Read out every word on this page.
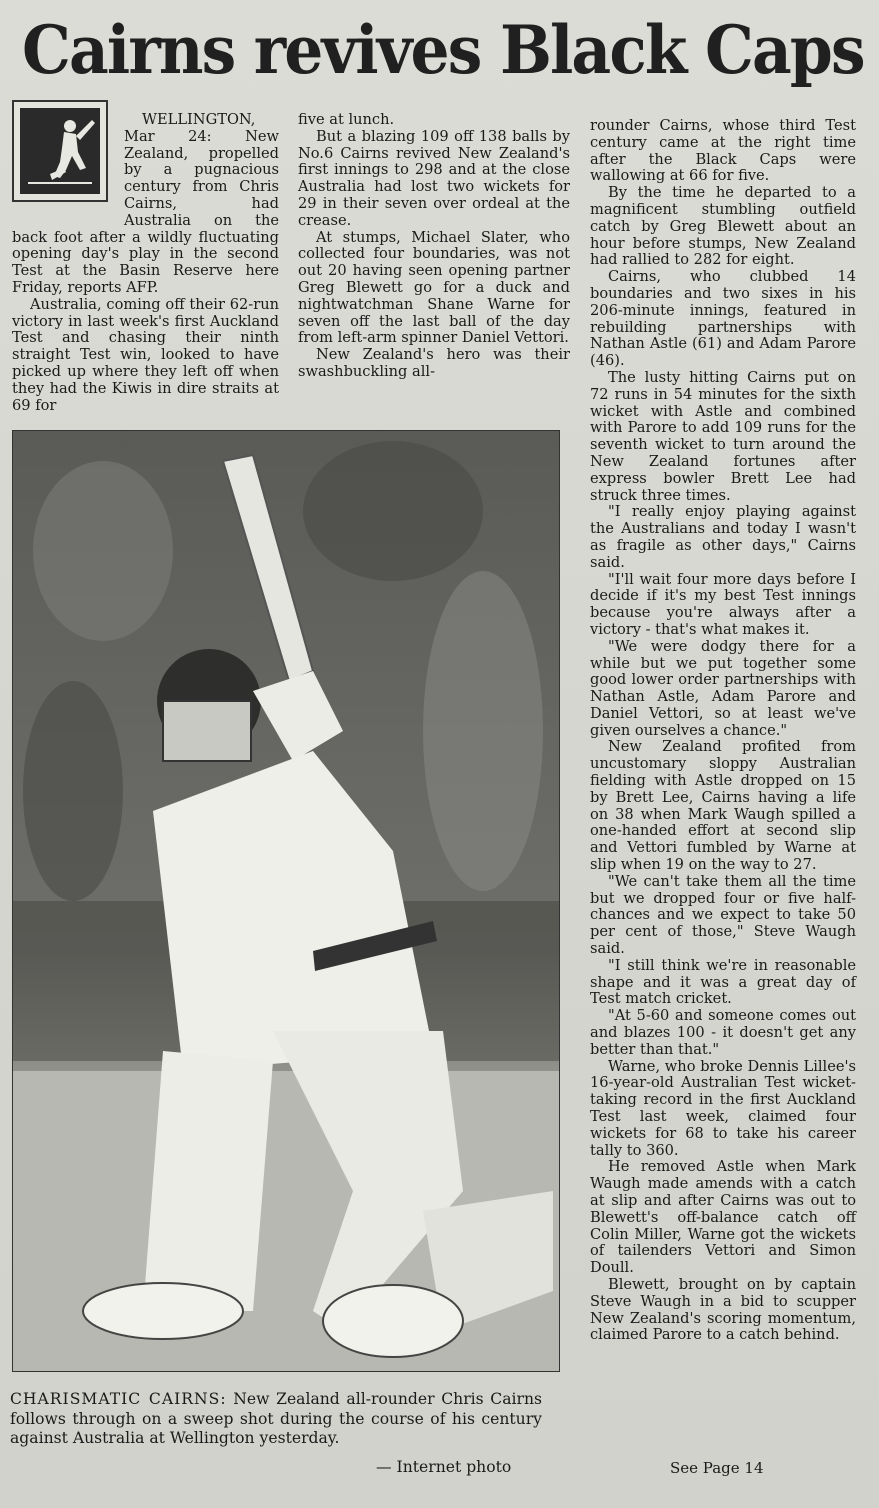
Cairns revives Black Caps

WELLINGTON, Mar 24: New Zealand, propelled by a pugnacious century from Chris Cairns, had Australia on the back foot after a wildly fluctuating opening day's play in the second Test at the Basin Reserve here Friday, reports AFP.

Australia, coming off their 62-run victory in last week's first Auckland Test and chasing their ninth straight Test win, looked to have picked up where they left off when they had the Kiwis in dire straits at 69 for

five at lunch.

But a blazing 109 off 138 balls by No.6 Cairns revived New Zealand's first innings to 298 and at the close Australia had lost two wickets for 29 in their seven over ordeal at the crease.

At stumps, Michael Slater, who collected four boundaries, was not out 20 having seen opening partner Greg Blewett go for a duck and nightwatchman Shane Warne for seven off the last ball of the day from left-arm spinner Daniel Vettori.

New Zealand's hero was their swashbuckling all-

rounder Cairns, whose third Test century came at the right time after the Black Caps were wallowing at 66 for five.

By the time he departed to a magnificent stumbling outfield catch by Greg Blewett about an hour before stumps, New Zealand had rallied to 282 for eight.

Cairns, who clubbed 14 boundaries and two sixes in his 206-minute innings, featured in rebuilding partnerships with Nathan Astle (61) and Adam Parore (46).

The lusty hitting Cairns put on 72 runs in 54 minutes for the sixth wicket with Astle and combined with Parore to add 109 runs for the seventh wicket to turn around the New Zealand fortunes after express bowler Brett Lee had struck three times.

"I really enjoy playing against the Australians and today I wasn't as fragile as other days," Cairns said.

"I'll wait four more days before I decide if it's my best Test innings because you're always after a victory - that's what makes it.

"We were dodgy there for a while but we put together some good lower order partnerships with Nathan Astle, Adam Parore and Daniel Vettori, so at least we've given ourselves a chance."

New Zealand profited from uncustomary sloppy Australian fielding with Astle dropped on 15 by Brett Lee, Cairns having a life on 38 when Mark Waugh spilled a one-handed effort at second slip and Vettori fumbled by Warne at slip when 19 on the way to 27.

"We can't take them all the time but we dropped four or five half-chances and we expect to take 50 per cent of those," Steve Waugh said.

"I still think we're in reasonable shape and it was a great day of Test match cricket.

"At 5-60 and someone comes out and blazes 100 - it doesn't get any better than that."

Warne, who broke Dennis Lillee's 16-year-old Australian Test wicket-taking record in the first Auckland Test last week, claimed four wickets for 68 to take his career tally to 360.

He removed Astle when Mark Waugh made amends with a catch at slip and after Cairns was out to Blewett's off-balance catch off Colin Miller, Warne got the wickets of tailenders Vettori and Simon Doull.

Blewett, brought on by captain Steve Waugh in a bid to scupper New Zealand's scoring momentum, claimed Parore to a catch behind.

CHARISMATIC CAIRNS: New Zealand all-rounder Chris Cairns follows through on a sweep shot during the course of his century against Australia at Wellington yesterday.
— Internet photo	See Page 14
